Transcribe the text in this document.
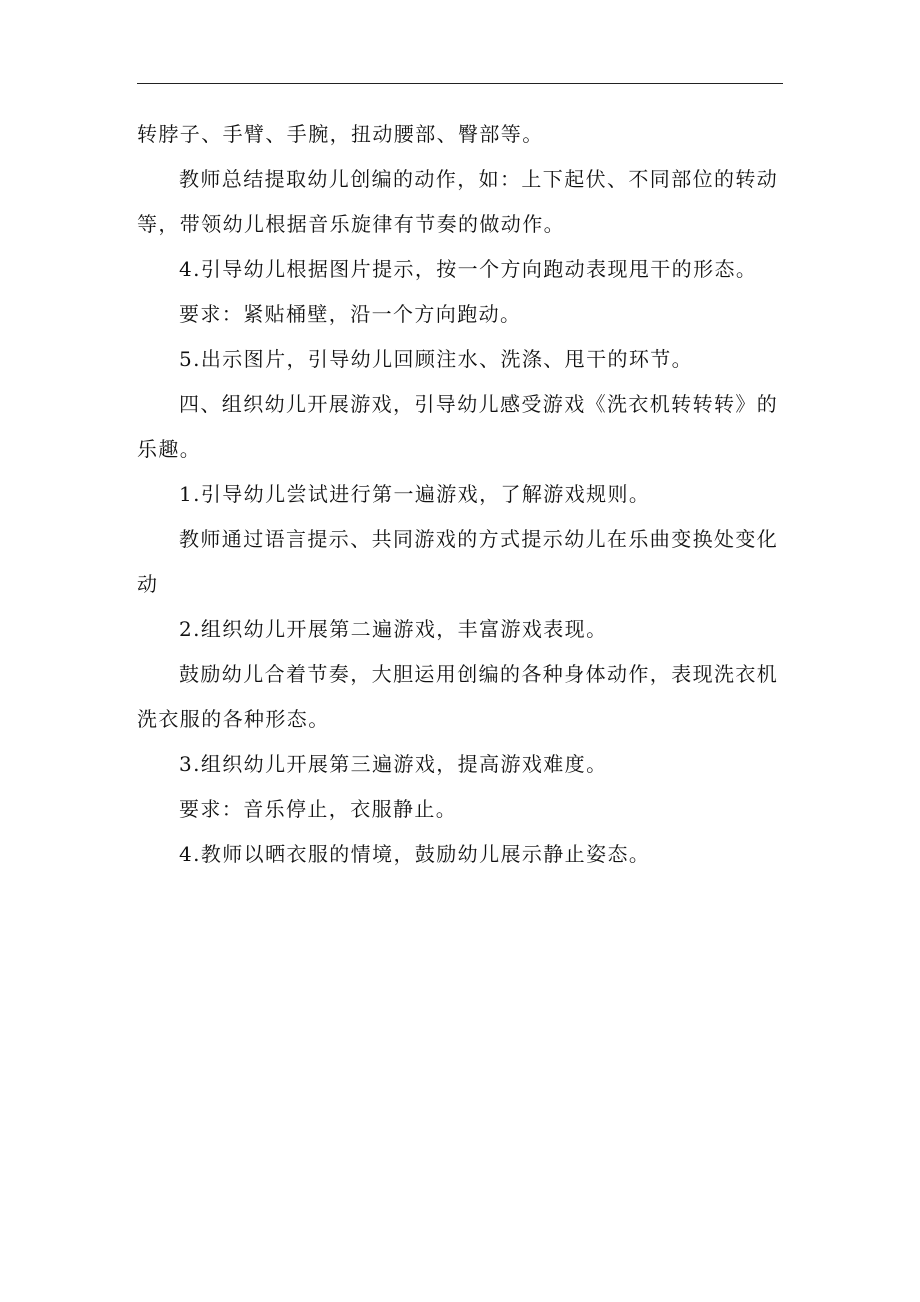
转脖子、手臂、手腕，扭动腰部、臀部等。

教师总结提取幼儿创编的动作，如：上下起伏、不同部位的转动等，带领幼儿根据音乐旋律有节奏的做动作。

4.引导幼儿根据图片提示，按一个方向跑动表现甩干的形态。

要求：紧贴桶壁，沿一个方向跑动。

5.出示图片，引导幼儿回顾注水、洗涤、甩干的环节。

四、组织幼儿开展游戏，引导幼儿感受游戏《洗衣机转转转》的乐趣。

1.引导幼儿尝试进行第一遍游戏，了解游戏规则。

教师通过语言提示、共同游戏的方式提示幼儿在乐曲变换处变化动

2.组织幼儿开展第二遍游戏，丰富游戏表现。

鼓励幼儿合着节奏，大胆运用创编的各种身体动作，表现洗衣机洗衣服的各种形态。

3.组织幼儿开展第三遍游戏，提高游戏难度。

要求：音乐停止，衣服静止。

4.教师以晒衣服的情境，鼓励幼儿展示静止姿态。
